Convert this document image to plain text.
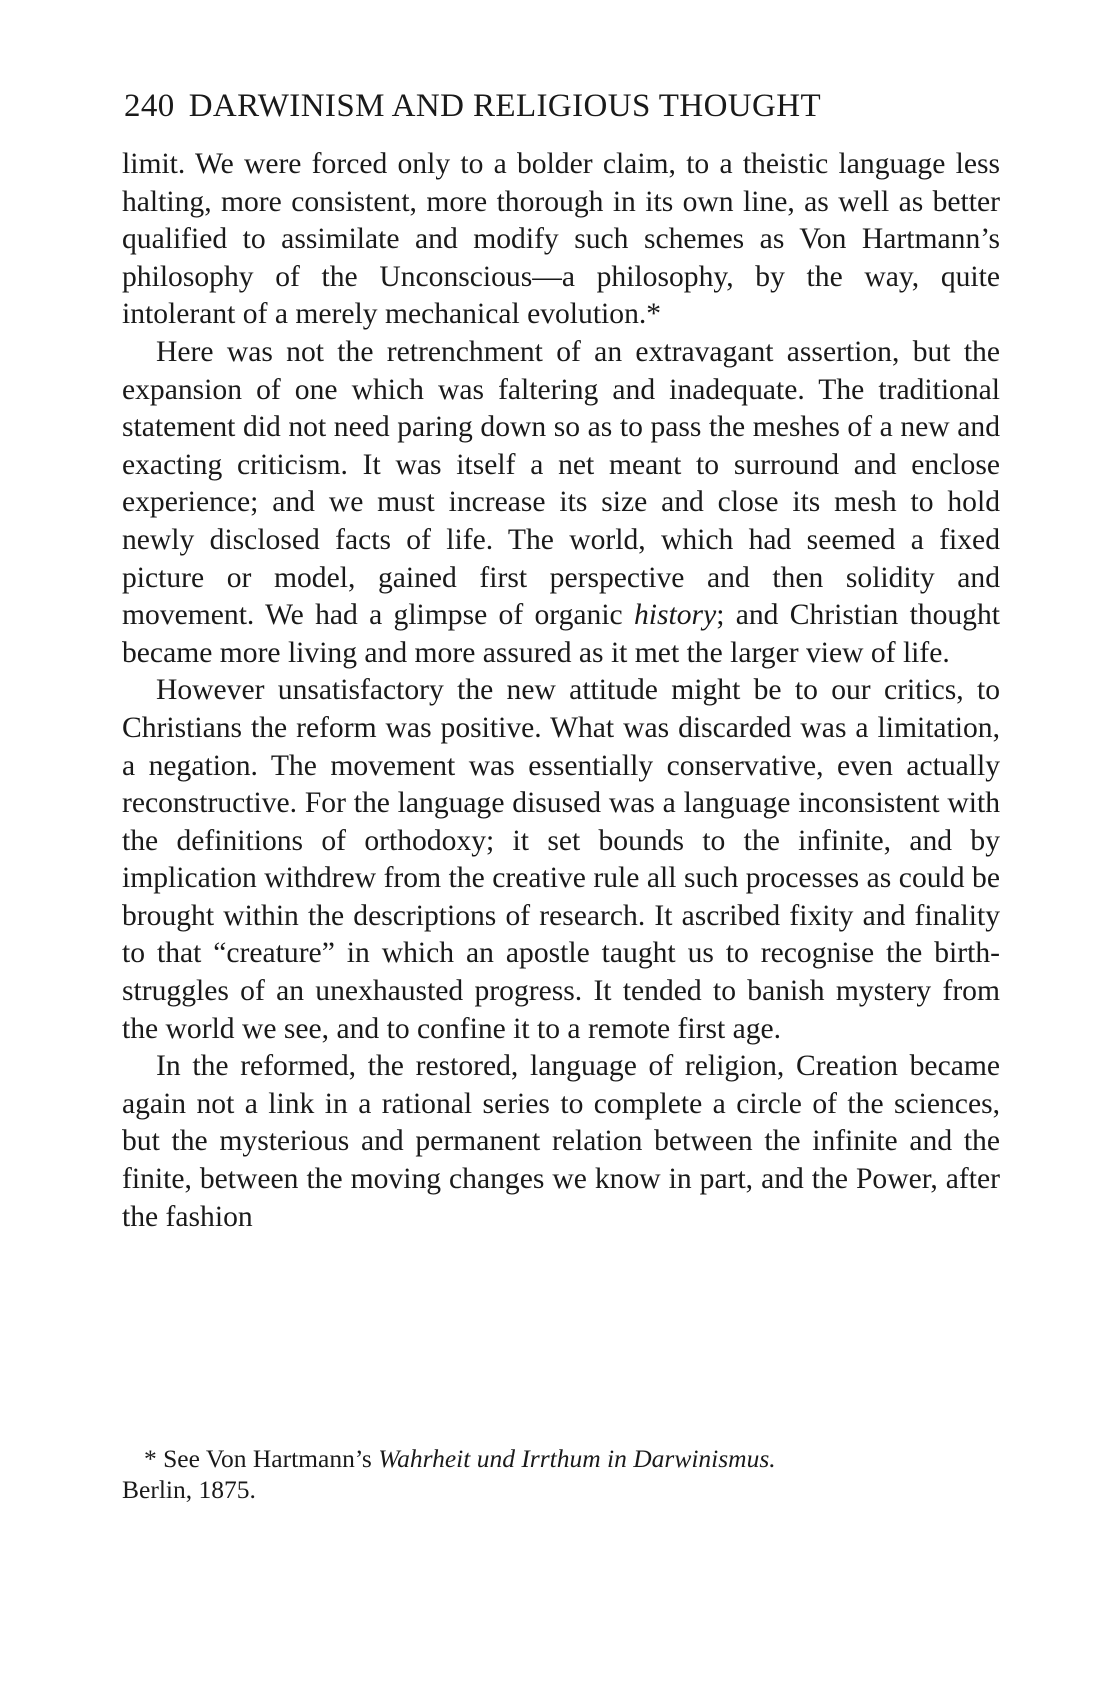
240 DARWINISM AND RELIGIOUS THOUGHT

limit. We were forced only to a bolder claim, to a theistic language less halting, more consistent, more thorough in its own line, as well as better qualified to assimilate and modify such schemes as Von Hartmann’s philosophy of the Unconscious—a philosophy, by the way, quite intolerant of a merely mechanical evolution.*

Here was not the retrenchment of an extravagant assertion, but the expansion of one which was faltering and inadequate. The traditional statement did not need paring down so as to pass the meshes of a new and exacting criticism. It was itself a net meant to surround and enclose experience; and we must increase its size and close its mesh to hold newly disclosed facts of life. The world, which had seemed a fixed picture or model, gained first perspective and then solidity and movement. We had a glimpse of organic history; and Christian thought became more living and more assured as it met the larger view of life.

However unsatisfactory the new attitude might be to our critics, to Christians the reform was positive. What was discarded was a limitation, a negation. The movement was essentially conservative, even actually reconstructive. For the language disused was a language inconsistent with the definitions of orthodoxy; it set bounds to the infinite, and by implication withdrew from the creative rule all such processes as could be brought within the descriptions of research. It ascribed fixity and finality to that “creature” in which an apostle taught us to recognise the birth-struggles of an unexhausted progress. It tended to banish mystery from the world we see, and to confine it to a remote first age.

In the reformed, the restored, language of religion, Creation became again not a link in a rational series to complete a circle of the sciences, but the mysterious and permanent relation between the infinite and the finite, between the moving changes we know in part, and the Power, after the fashion

* See Von Hartmann’s Wahrheit und Irrthum in Darwinismus.
Berlin, 1875.
